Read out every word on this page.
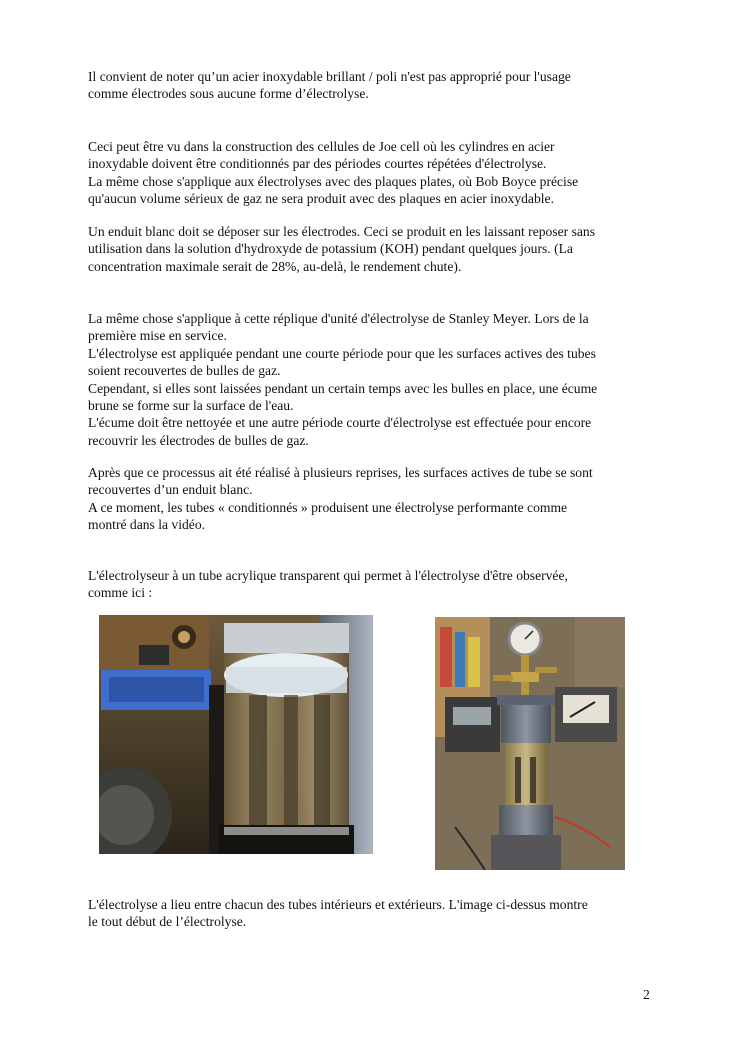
Il convient de noter qu’un acier inoxydable brillant / poli n'est pas approprié pour l'usage
comme électrodes sous aucune forme d’électrolyse.

Ceci peut être vu dans la construction des cellules de Joe cell où les cylindres en acier
inoxydable doivent être conditionnés par des périodes courtes répétées d'électrolyse.
La même chose s'applique aux électrolyses avec des plaques plates, où Bob Boyce précise
qu'aucun volume sérieux de gaz ne sera produit avec des plaques en acier inoxydable.

Un enduit blanc doit se déposer sur les électrodes. Ceci se produit en les laissant reposer sans
utilisation dans la solution d'hydroxyde de potassium (KOH) pendant quelques jours. (La
concentration maximale serait de 28%, au-delà, le rendement chute).

La même chose s'applique à cette réplique d'unité d'électrolyse de Stanley Meyer. Lors de la
première mise en service.
L'électrolyse est appliquée pendant une courte période pour que les surfaces actives des tubes
soient recouvertes de bulles de gaz.
Cependant, si elles sont laissées pendant un certain temps avec les bulles en place, une écume
brune se forme sur la surface de l'eau.
L'écume doit être nettoyée et une autre période courte d'électrolyse est effectuée pour encore
recouvrir les électrodes de bulles de gaz.

Après que ce processus ait été réalisé à plusieurs reprises, les surfaces actives de tube se sont
recouvertes d’un enduit blanc.
A ce moment, les tubes « conditionnés » produisent une électrolyse performante comme
montré dans la vidéo.

L'électrolyseur à un tube acrylique transparent qui permet à l'électrolyse d'être observée,
comme ici :

L'électrolyse a lieu entre chacun des tubes intérieurs et extérieurs. L'image ci-dessus montre
le tout début de l’électrolyse.

2
